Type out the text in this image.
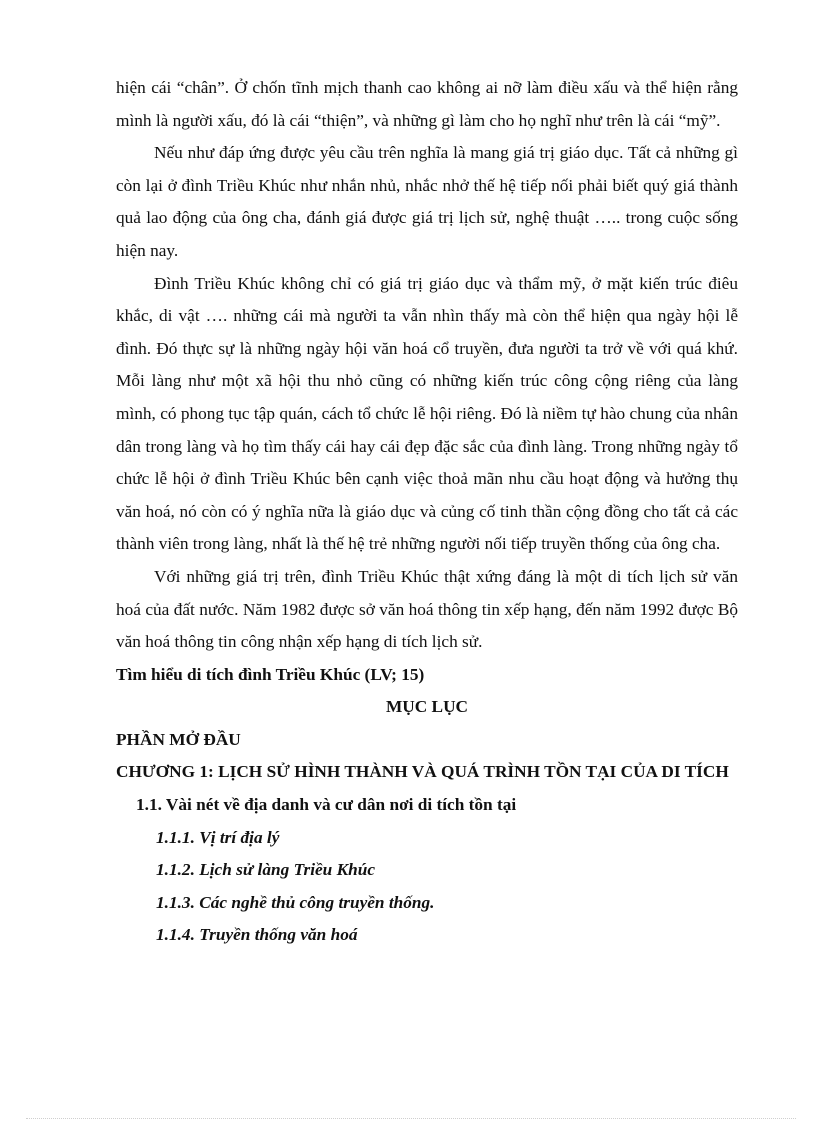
hiện cái “chân”. Ở chốn tĩnh mịch thanh cao không ai nỡ làm điều xấu và thể hiện rằng mình là người xấu, đó là cái “thiện”, và những gì làm cho họ nghĩ như trên là cái “mỹ”.

Nếu như đáp ứng được yêu cầu trên nghĩa là mang giá trị giáo dục. Tất cả những gì còn lại ở đình Triều Khúc như nhắn nhủ, nhắc nhở thế hệ tiếp nối phải biết quý giá thành quả lao động của ông cha, đánh giá được giá trị lịch sử, nghệ thuật ….. trong cuộc sống hiện nay.

Đình Triều Khúc không chỉ có giá trị giáo dục và thẩm mỹ, ở mặt kiến trúc điêu khắc, di vật …. những cái mà người ta vẫn nhìn thấy mà còn thể hiện qua ngày hội lễ đình. Đó thực sự là những ngày hội văn hoá cổ truyền, đưa người ta trở về với quá khứ. Mỗi làng như một xã hội thu nhỏ cũng có những kiến trúc công cộng riêng của làng mình, có phong tục tập quán, cách tổ chức lễ hội riêng. Đó là niềm tự hào chung của nhân dân trong làng và họ tìm thấy cái hay cái đẹp đặc sắc của đình làng. Trong những ngày tổ chức lễ hội ở đình Triều Khúc bên cạnh việc thoả mãn nhu cầu hoạt động và hưởng thụ văn hoá, nó còn có ý nghĩa nữa là giáo dục và củng cố tinh thần cộng đồng cho tất cả các thành viên trong làng, nhất là thế hệ trẻ những người nối tiếp truyền thống của ông cha.

Với những giá trị trên, đình Triều Khúc thật xứng đáng là một di tích lịch sử văn hoá của đất nước. Năm 1982 được sở văn hoá thông tin xếp hạng, đến năm 1992 được Bộ văn hoá thông tin công nhận xếp hạng di tích lịch sử.

Tìm hiểu di tích đình Triều Khúc (LV; 15)

MỤC LỤC

PHẦN MỞ ĐẦU

CHƯƠNG 1: LỊCH SỬ HÌNH THÀNH VÀ QUÁ TRÌNH TỒN TẠI CỦA DI TÍCH

1.1. Vài nét về địa danh và cư dân nơi di tích tồn tại

1.1.1. Vị trí địa lý

1.1.2. Lịch sử làng Triều Khúc

1.1.3. Các nghề thủ công truyền thống.

1.1.4. Truyền thống văn hoá
